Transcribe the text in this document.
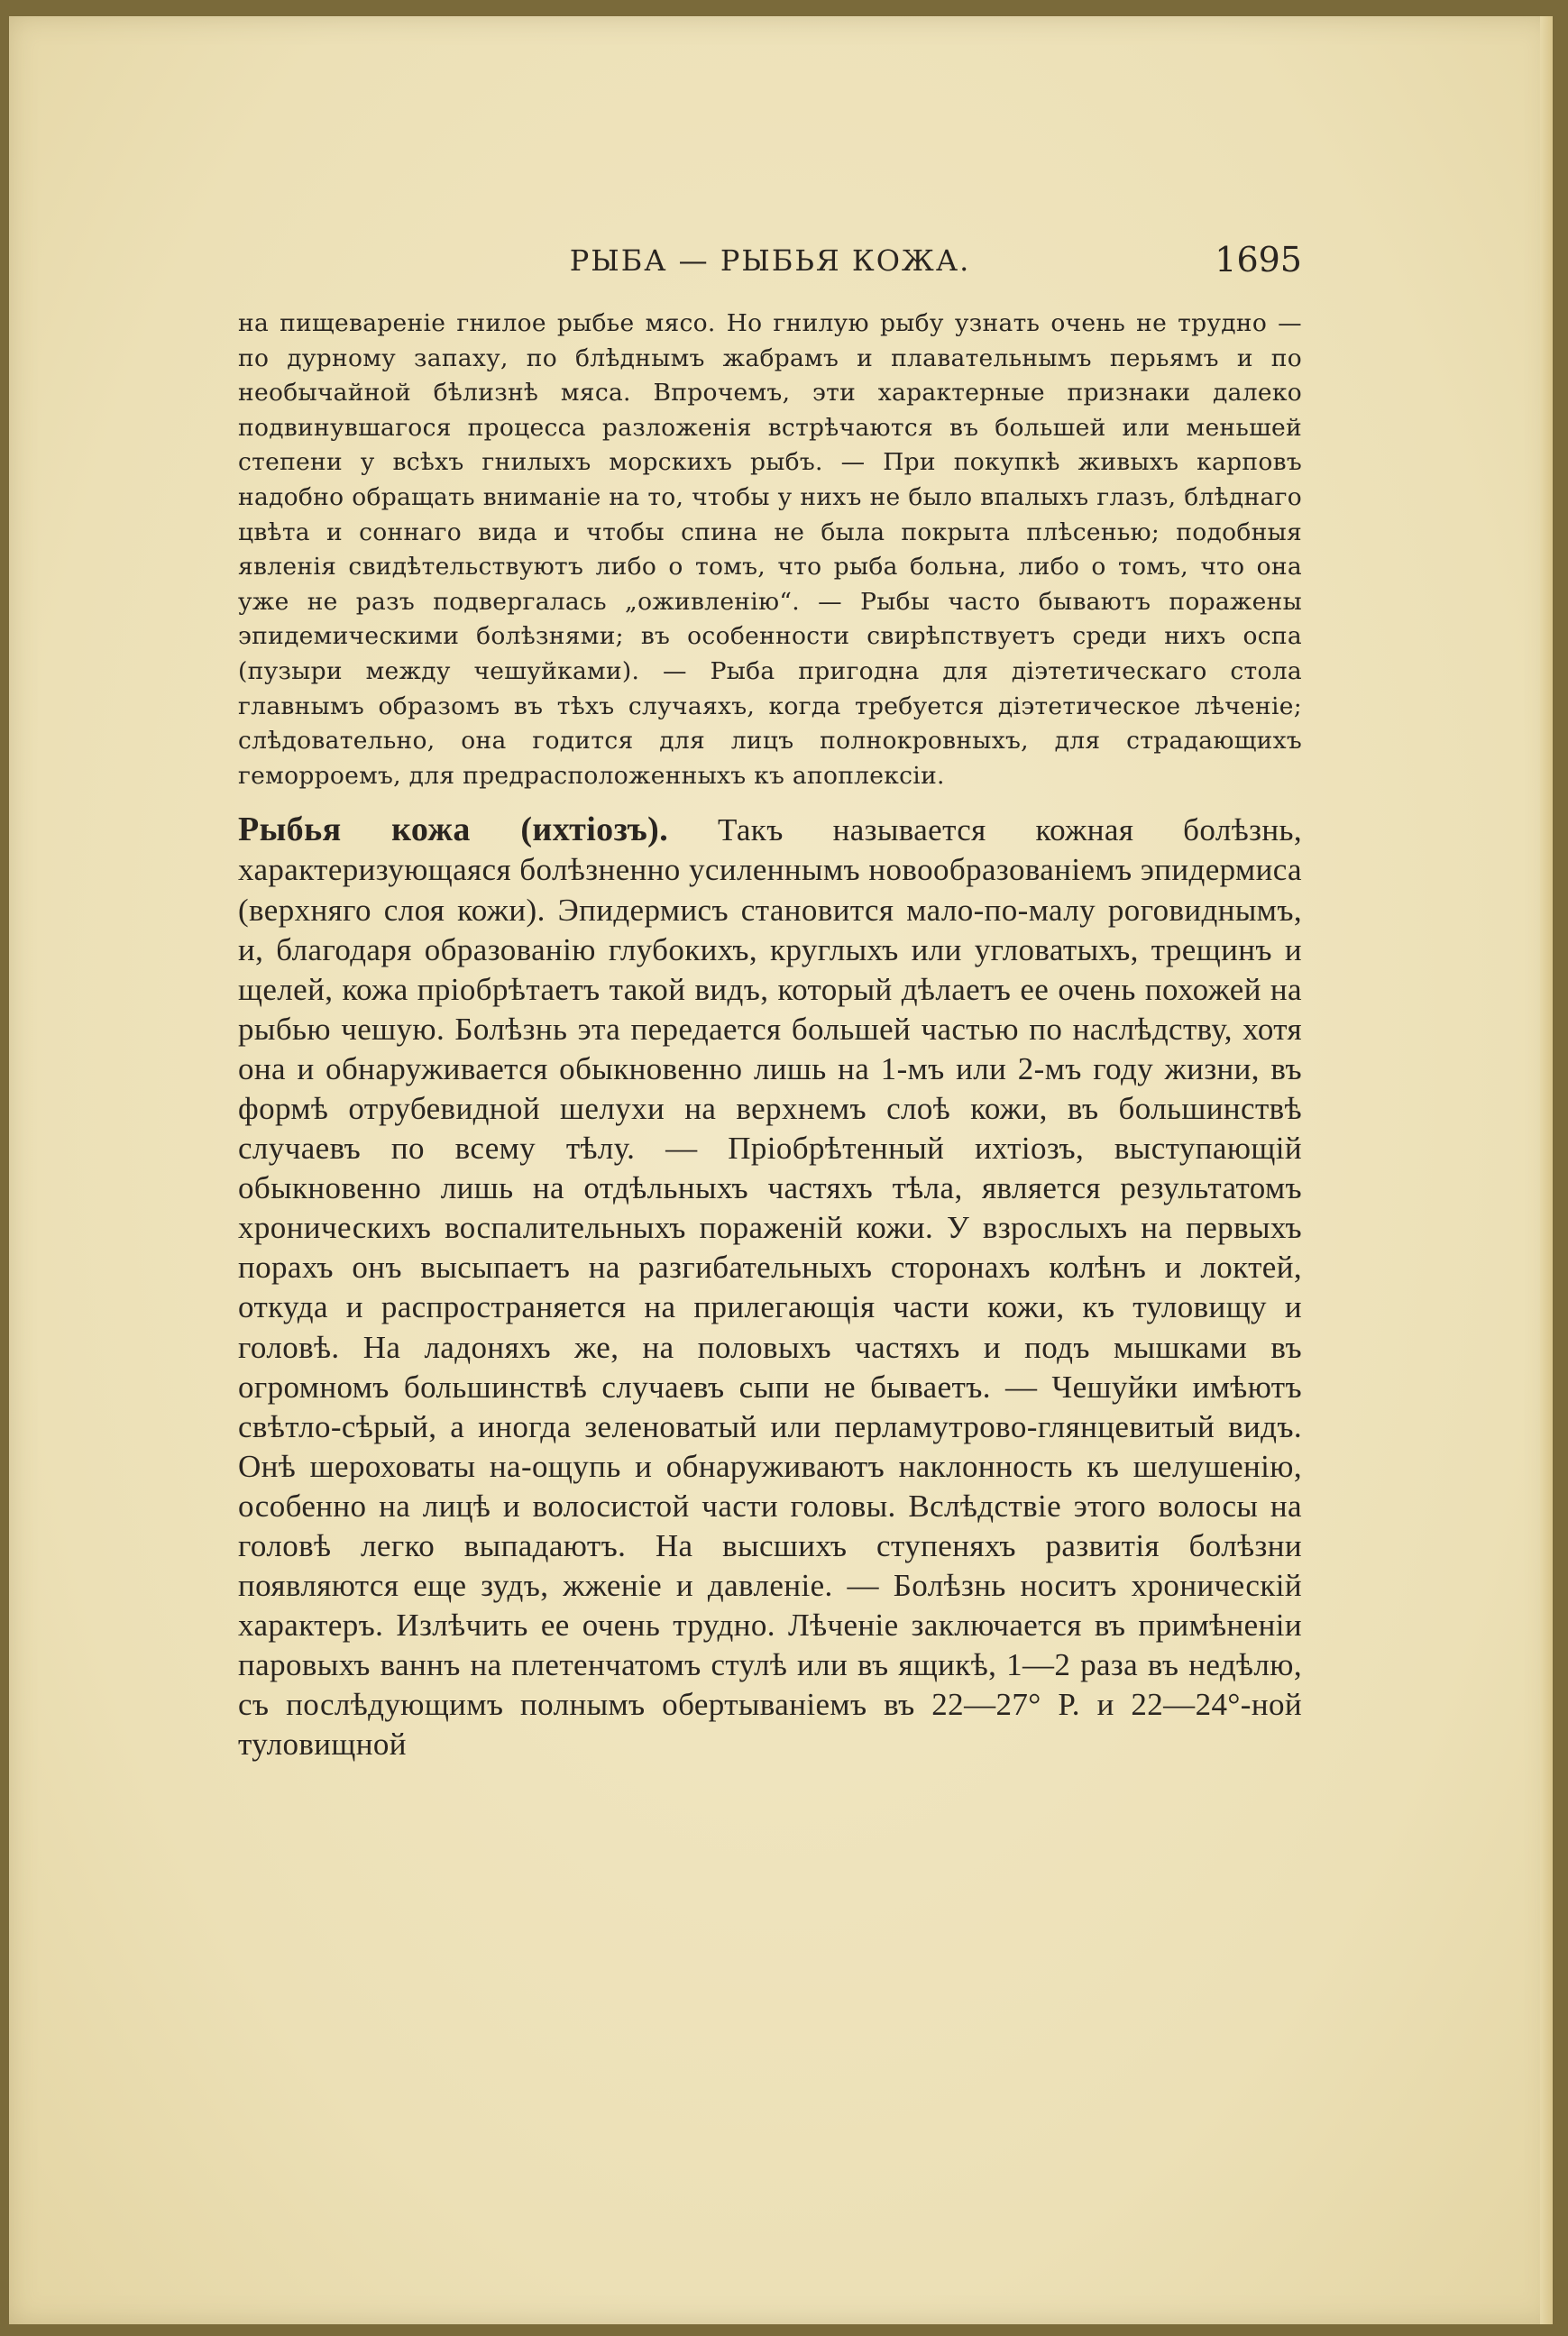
РЫБА — РЫБЬЯ КОЖА.	1695

на пищевареніе гнилое рыбье мясо. Но гнилую рыбу узнать очень не трудно — по дурному запаху, по блѣднымъ жабрамъ и плавательнымъ перьямъ и по необычайной бѣлизнѣ мяса. Впрочемъ, эти характерные признаки далеко подвинувшагося процесса разложенія встрѣчаются въ большей или меньшей степени у всѣхъ гнилыхъ морскихъ рыбъ. — При покупкѣ живыхъ карповъ надобно обращать вниманіе на то, чтобы у нихъ не было впалыхъ глазъ, блѣднаго цвѣта и соннаго вида и чтобы спина не была покрыта плѣсенью; подобныя явленія свидѣтельствуютъ либо о томъ, что рыба больна, либо о томъ, что она уже не разъ подвергалась „оживленію“. — Рыбы часто бываютъ поражены эпидемическими болѣзнями; въ особенности свирѣпствуетъ среди нихъ оспа (пузыри между чешуйками). — Рыба пригодна для діэтетическаго стола главнымъ образомъ въ тѣхъ случаяхъ, когда требуется діэтетическое лѣченіе; слѣдовательно, она годится для лицъ полнокровныхъ, для страдающихъ геморроемъ, для предрасположенныхъ къ апоплексіи.

Рыбья кожа (ихтіозъ). Такъ называется кожная болѣзнь, характеризующаяся болѣзненно усиленнымъ новообразованіемъ эпидермиса (верхняго слоя кожи). Эпидермисъ становится мало-по-малу роговиднымъ, и, благодаря образованію глубокихъ, круглыхъ или угловатыхъ, трещинъ и щелей, кожа пріобрѣтаетъ такой видъ, который дѣлаетъ ее очень похожей на рыбью чешую. Болѣзнь эта передается большей частью по наслѣдству, хотя она и обнаруживается обыкновенно лишь на 1-мъ или 2-мъ году жизни, въ формѣ отрубевидной шелухи на верхнемъ слоѣ кожи, въ большинствѣ случаевъ по всему тѣлу. — Пріобрѣтенный ихтіозъ, выступающій обыкновенно лишь на отдѣльныхъ частяхъ тѣла, является результатомъ хроническихъ воспалительныхъ пораженій кожи. У взрослыхъ на первыхъ порахъ онъ высыпаетъ на разгибательныхъ сторонахъ колѣнъ и локтей, откуда и распространяется на прилегающія части кожи, къ туловищу и головѣ. На ладоняхъ же, на половыхъ частяхъ и подъ мышками въ огромномъ большинствѣ случаевъ сыпи не бываетъ. — Чешуйки имѣютъ свѣтло-сѣрый, а иногда зеленоватый или перламутрово-глянцевитый видъ. Онѣ шероховаты на-ощупь и обнаруживаютъ наклонность къ шелушенію, особенно на лицѣ и волосистой части головы. Вслѣдствіе этого волосы на головѣ легко выпадаютъ. На высшихъ ступеняхъ развитія болѣзни появляются еще зудъ, жженіе и давленіе. — Болѣзнь носитъ хроническій характеръ. Излѣчить ее очень трудно. Лѣченіе заключается въ примѣненіи паровыхъ ваннъ на плетенчатомъ стулѣ или въ ящикѣ, 1—2 раза въ недѣлю, съ послѣдующимъ полнымъ обертываніемъ въ 22—27° Р. и 22—24°-ной туловищной
